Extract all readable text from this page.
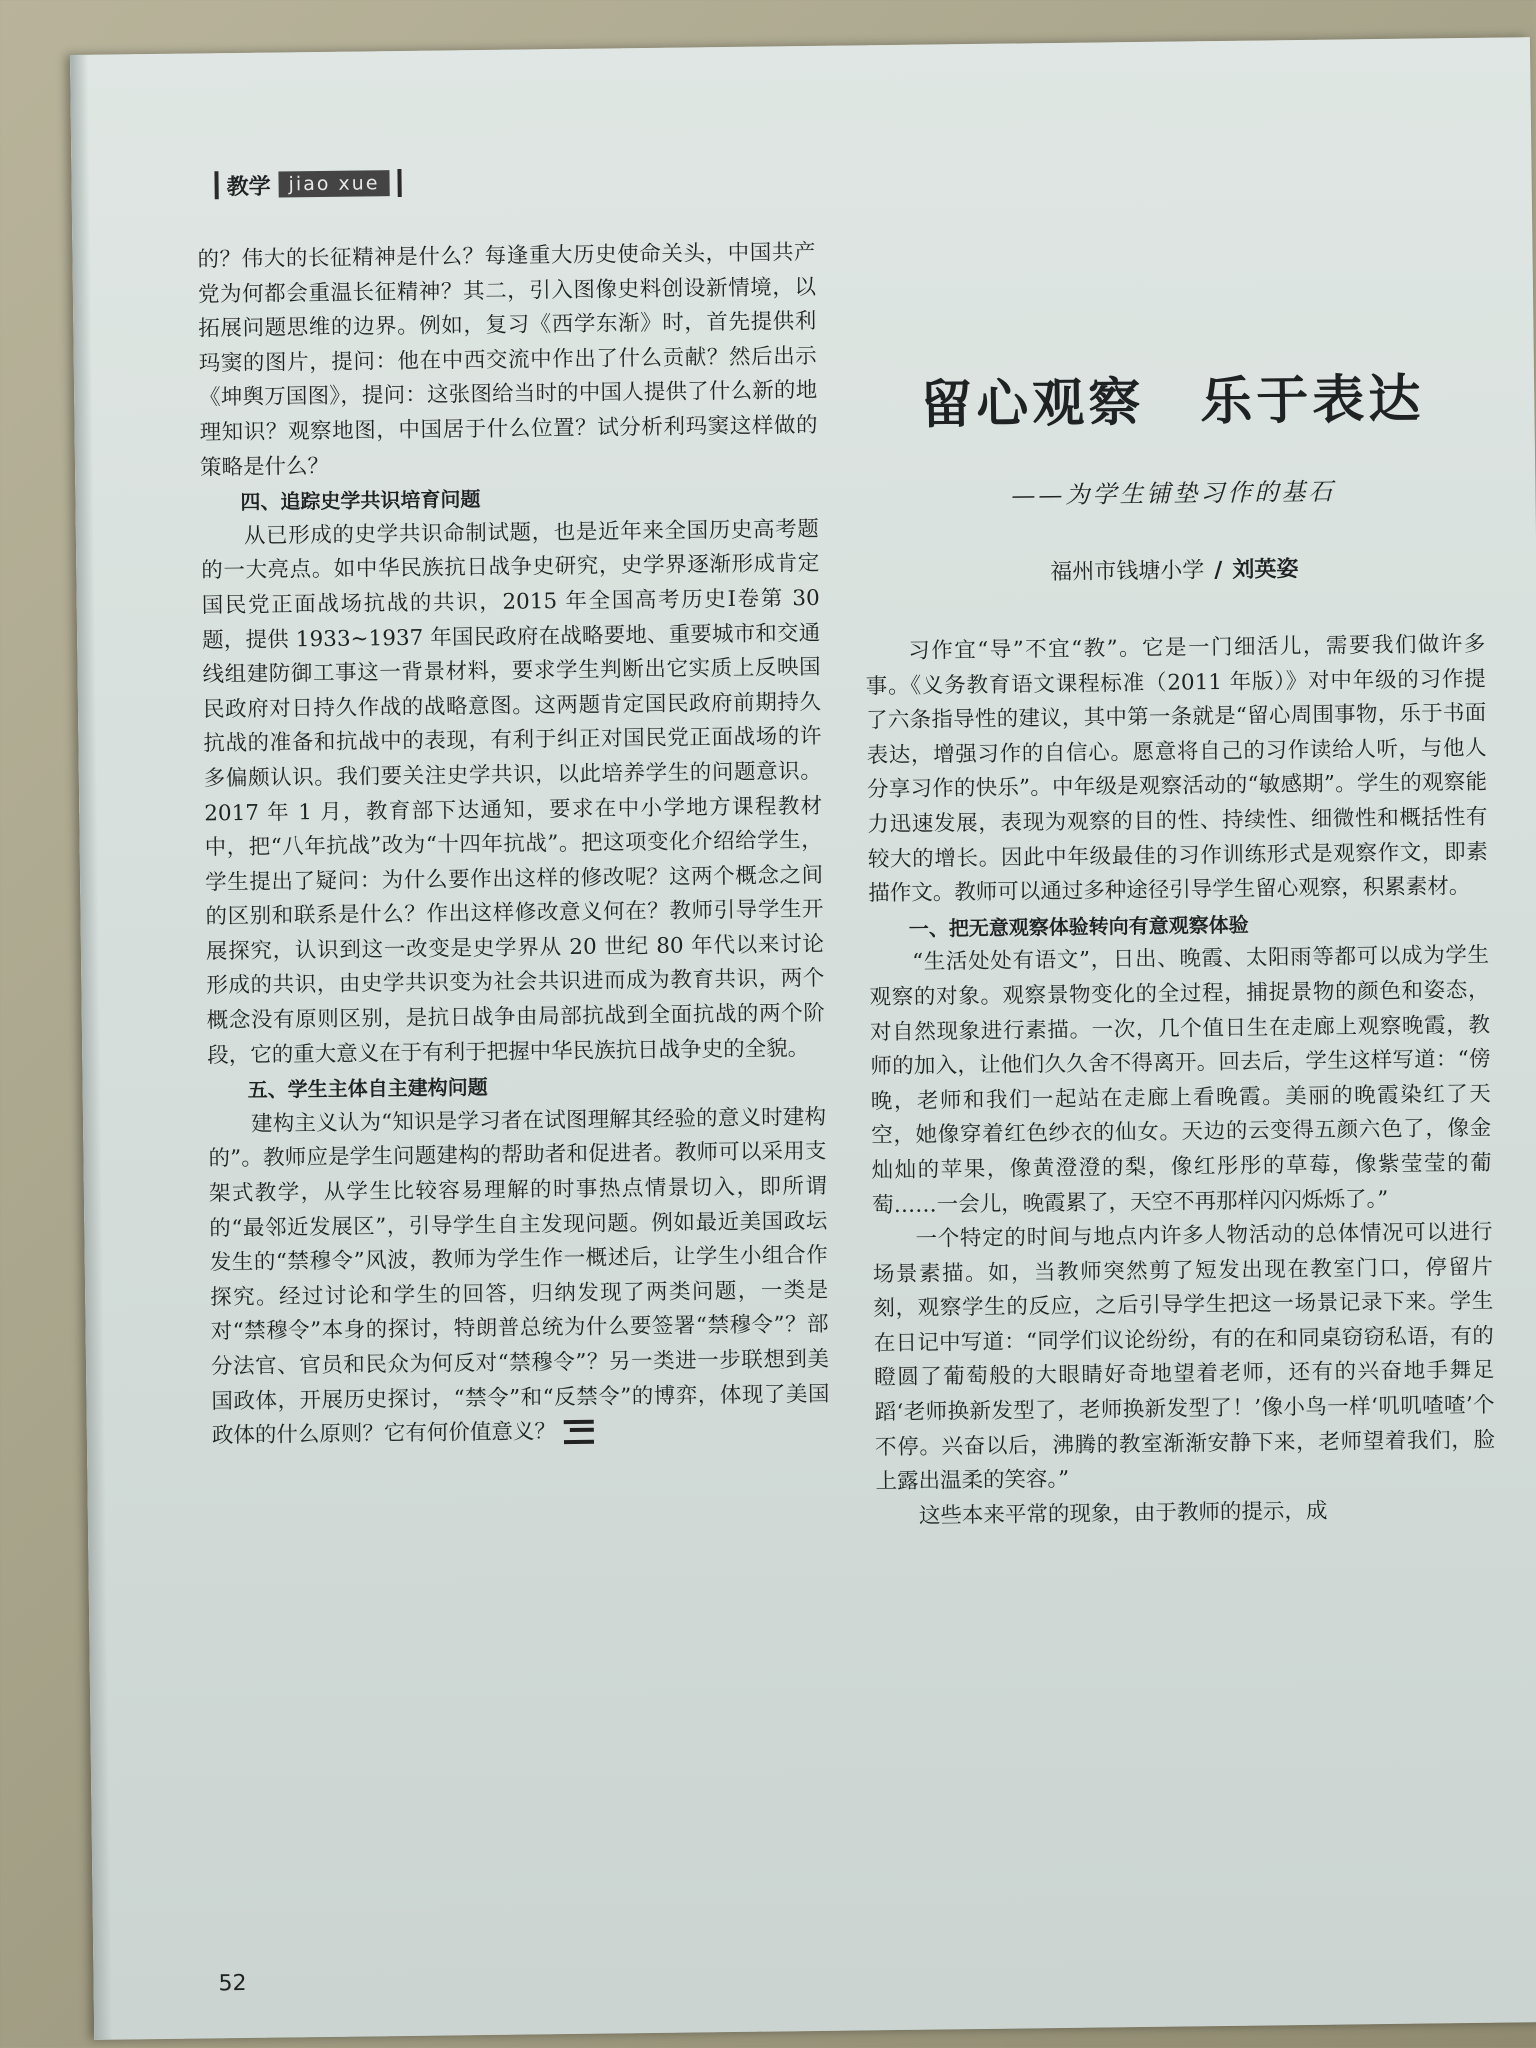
教学 jiao xue

的？伟大的长征精神是什么？每逢重大历史使命关头，中国共产党为何都会重温长征精神？其二，引入图像史料创设新情境，以拓展问题思维的边界。例如，复习《西学东渐》时，首先提供利玛窦的图片，提问：他在中西交流中作出了什么贡献？然后出示《坤舆万国图》，提问：这张图给当时的中国人提供了什么新的地理知识？观察地图，中国居于什么位置？试分析利玛窦这样做的策略是什么？

四、追踪史学共识培育问题

从已形成的史学共识命制试题，也是近年来全国历史高考题的一大亮点。如中华民族抗日战争史研究，史学界逐渐形成肯定国民党正面战场抗战的共识，2015 年全国高考历史Ⅰ卷第 30 题，提供 1933~1937 年国民政府在战略要地、重要城市和交通线组建防御工事这一背景材料，要求学生判断出它实质上反映国民政府对日持久作战的战略意图。这两题肯定国民政府前期持久抗战的准备和抗战中的表现，有利于纠正对国民党正面战场的许多偏颇认识。我们要关注史学共识，以此培养学生的问题意识。2017 年 1 月，教育部下达通知，要求在中小学地方课程教材中，把“八年抗战”改为“十四年抗战”。把这项变化介绍给学生，学生提出了疑问：为什么要作出这样的修改呢？这两个概念之间的区别和联系是什么？作出这样修改意义何在？教师引导学生开展探究，认识到这一改变是史学界从 20 世纪 80 年代以来讨论形成的共识，由史学共识变为社会共识进而成为教育共识，两个概念没有原则区别，是抗日战争由局部抗战到全面抗战的两个阶段，它的重大意义在于有利于把握中华民族抗日战争史的全貌。

五、学生主体自主建构问题

建构主义认为“知识是学习者在试图理解其经验的意义时建构的”。教师应是学生问题建构的帮助者和促进者。教师可以采用支架式教学，从学生比较容易理解的时事热点情景切入，即所谓的“最邻近发展区”，引导学生自主发现问题。例如最近美国政坛发生的“禁穆令”风波，教师为学生作一概述后，让学生小组合作探究。经过讨论和学生的回答，归纳发现了两类问题，一类是对“禁穆令”本身的探讨，特朗普总统为什么要签署“禁穆令”？部分法官、官员和民众为何反对“禁穆令”？另一类进一步联想到美国政体，开展历史探讨，“禁令”和“反禁令”的博弈，体现了美国政体的什么原则？它有何价值意义？

留心观察　乐于表达
——为学生铺垫习作的基石
福州市钱塘小学 / 刘英姿

习作宜“导”不宜“教”。它是一门细活儿，需要我们做许多事。《义务教育语文课程标准（2011 年版）》对中年级的习作提了六条指导性的建议，其中第一条就是“留心周围事物，乐于书面表达，增强习作的自信心。愿意将自己的习作读给人听，与他人分享习作的快乐”。中年级是观察活动的“敏感期”。学生的观察能力迅速发展，表现为观察的目的性、持续性、细微性和概括性有较大的增长。因此中年级最佳的习作训练形式是观察作文，即素描作文。教师可以通过多种途径引导学生留心观察，积累素材。

一、把无意观察体验转向有意观察体验

“生活处处有语文”，日出、晚霞、太阳雨等都可以成为学生观察的对象。观察景物变化的全过程，捕捉景物的颜色和姿态，对自然现象进行素描。一次，几个值日生在走廊上观察晚霞，教师的加入，让他们久久舍不得离开。回去后，学生这样写道：“傍晚，老师和我们一起站在走廊上看晚霞。美丽的晚霞染红了天空，她像穿着红色纱衣的仙女。天边的云变得五颜六色了，像金灿灿的苹果，像黄澄澄的梨，像红彤彤的草莓，像紫莹莹的葡萄……一会儿，晚霞累了，天空不再那样闪闪烁烁了。”

一个特定的时间与地点内许多人物活动的总体情况可以进行场景素描。如，当教师突然剪了短发出现在教室门口，停留片刻，观察学生的反应，之后引导学生把这一场景记录下来。学生在日记中写道：“同学们议论纷纷，有的在和同桌窃窃私语，有的瞪圆了葡萄般的大眼睛好奇地望着老师，还有的兴奋地手舞足蹈‘老师换新发型了，老师换新发型了！’像小鸟一样‘叽叽喳喳’个不停。兴奋以后，沸腾的教室渐渐安静下来，老师望着我们，脸上露出温柔的笑容。”

这些本来平常的现象，由于教师的提示，成

52
